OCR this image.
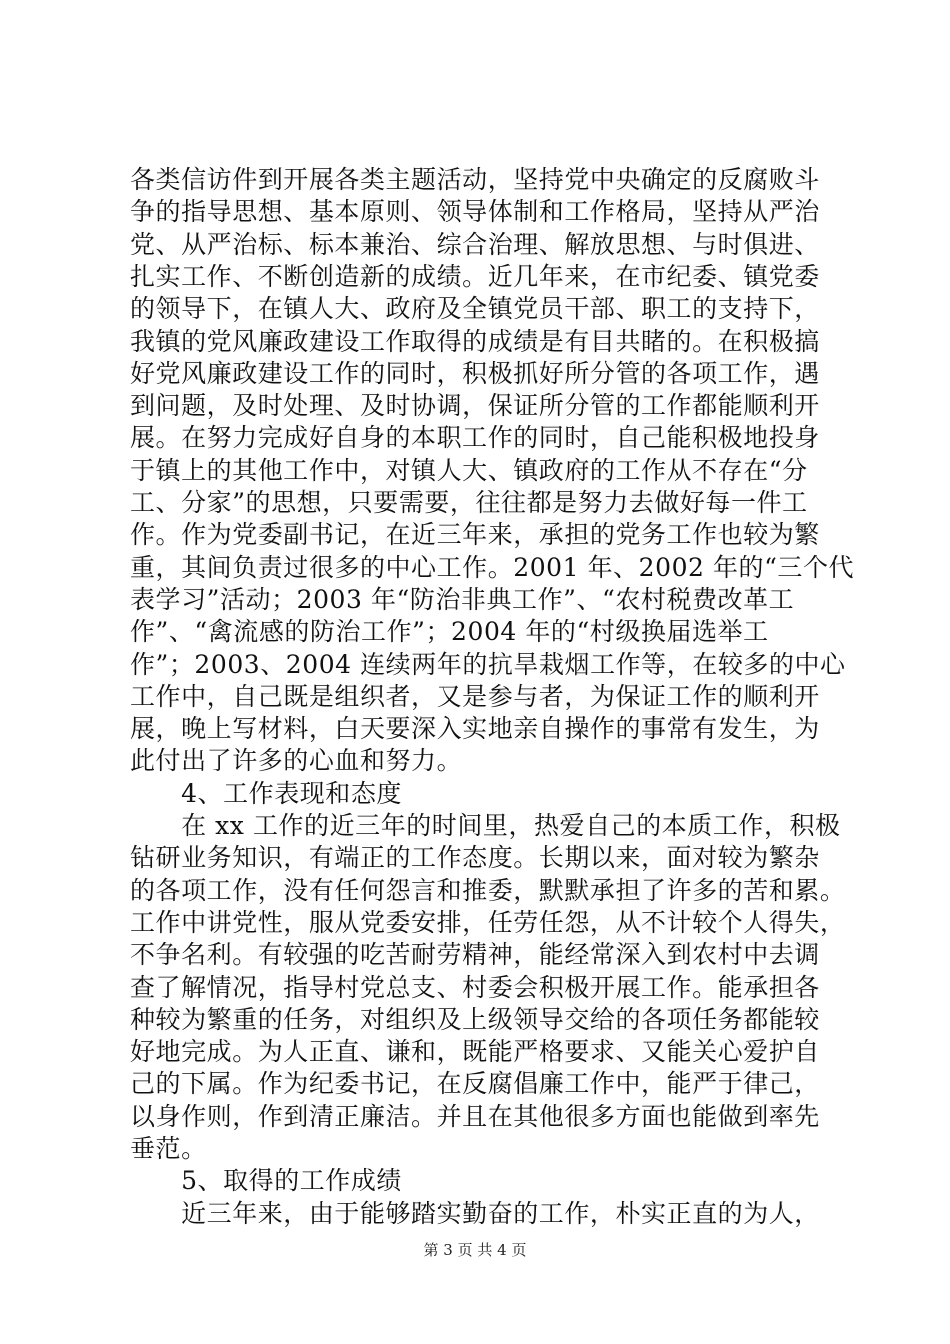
各类信访件到开展各类主题活动，坚持党中央确定的反腐败斗
争的指导思想、基本原则、领导体制和工作格局，坚持从严治
党、从严治标、标本兼治、综合治理、解放思想、与时俱进、
扎实工作、不断创造新的成绩。近几年来，在市纪委、镇党委
的领导下，在镇人大、政府及全镇党员干部、职工的支持下，
我镇的党风廉政建设工作取得的成绩是有目共睹的。在积极搞
好党风廉政建设工作的同时，积极抓好所分管的各项工作，遇
到问题，及时处理、及时协调，保证所分管的工作都能顺利开
展。在努力完成好自身的本职工作的同时，自己能积极地投身
于镇上的其他工作中，对镇人大、镇政府的工作从不存在“分
工、分家”的思想，只要需要，往往都是努力去做好每一件工
作。作为党委副书记，在近三年来，承担的党务工作也较为繁
重，其间负责过很多的中心工作。2001 年、2002 年的“三个代
表学习”活动；2003 年“防治非典工作”、“农村税费改革工
作”、“禽流感的防治工作”；2004 年的“村级换届选举工
作”；2003、2004 连续两年的抗旱栽烟工作等，在较多的中心
工作中，自己既是组织者，又是参与者，为保证工作的顺利开
展，晚上写材料，白天要深入实地亲自操作的事常有发生，为
此付出了许多的心血和努力。
　　4、工作表现和态度
　　在 xx 工作的近三年的时间里，热爱自己的本质工作，积极
钻研业务知识，有端正的工作态度。长期以来，面对较为繁杂
的各项工作，没有任何怨言和推委，默默承担了许多的苦和累。
工作中讲党性，服从党委安排，任劳任怨，从不计较个人得失，
不争名利。有较强的吃苦耐劳精神，能经常深入到农村中去调
查了解情况，指导村党总支、村委会积极开展工作。能承担各
种较为繁重的任务，对组织及上级领导交给的各项任务都能较
好地完成。为人正直、谦和，既能严格要求、又能关心爱护自
己的下属。作为纪委书记，在反腐倡廉工作中，能严于律己，
以身作则，作到清正廉洁。并且在其他很多方面也能做到率先
垂范。
　　5、取得的工作成绩
　　近三年来，由于能够踏实勤奋的工作，朴实正直的为人，
第 3 页 共 4 页
